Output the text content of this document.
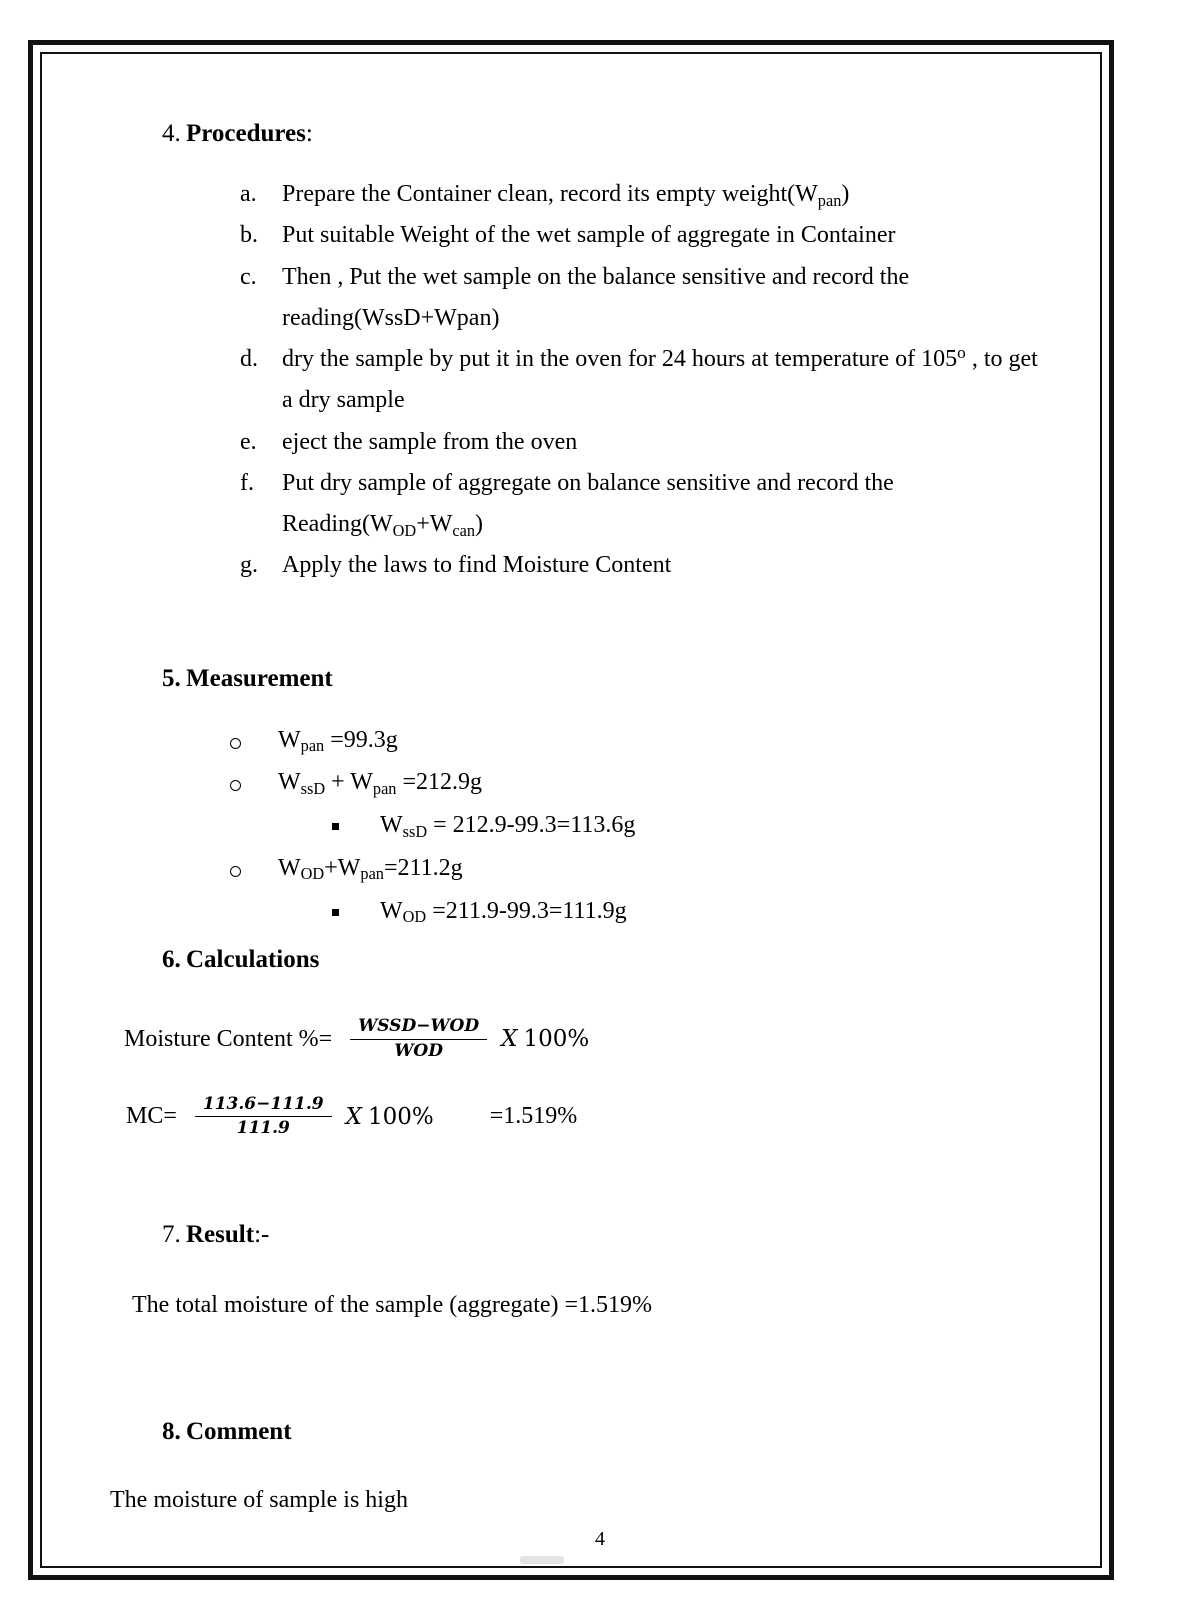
4. Procedures:
a.	Prepare the Container clean, record its empty $weight(W_{pan})$
b.	Put suitable Weight of the wet sample of aggregate in Container
c.	Then , Put the wet sample on the balance sensitive and record the
reading(WssD+Wpan)
d.	dry the sample by put it in the oven for 24 hours at temperature of 105$^o$ , to get
a dry sample
e.	eject the sample from the oven
f.	Put dry sample of aggregate on balance sensitive and record the
$Reading(W_{OD}+W_{can})$
g.	Apply the laws to find Moisture Content
5. Measurement
$W_{pan} =99.3g$
$W_{ssD} + W_{pan} =212.9g$
$W_{ssD} = 212.9-99.3=113.6g$
$W_{OD}+W_{pan}=211.2g$
$W_{OD} =211.9-99.3=111.9g$
6. Calculations
Moisture Content %= $\frac{\text{WSSD−WOD}}{\text{WOD}}$ X 100%
$MC= \frac{113.6-111.9}{111.9}$ X 100% =1.519%
7. Result:-
The total moisture of the sample (aggregate) =1.519%
8. Comment
The moisture of sample is high
4
